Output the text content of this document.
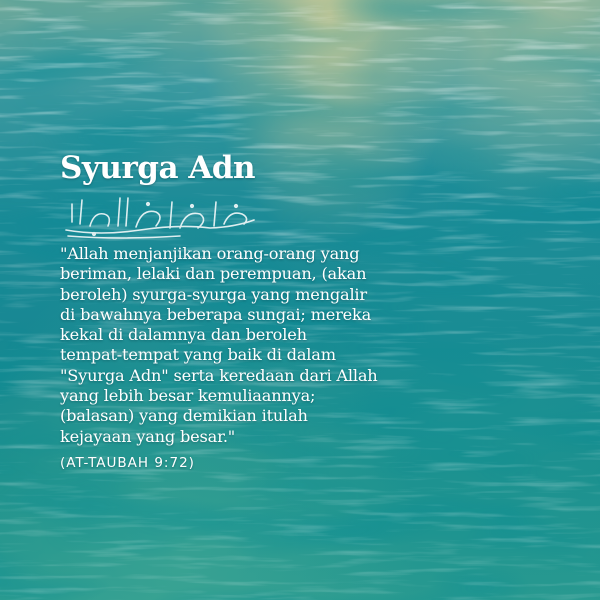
Syurga Adn

"Allah menjanjikan orang-orang yang
beriman, lelaki dan perempuan, (akan
beroleh) syurga-syurga yang mengalir
di bawahnya beberapa sungai; mereka
kekal di dalamnya dan beroleh
tempat-tempat yang baik di dalam
"Syurga Adn" serta keredaan dari Allah
yang lebih besar kemuliaannya;
(balasan) yang demikian itulah
kejayaan yang besar."

(AT-TAUBAH 9:72)
